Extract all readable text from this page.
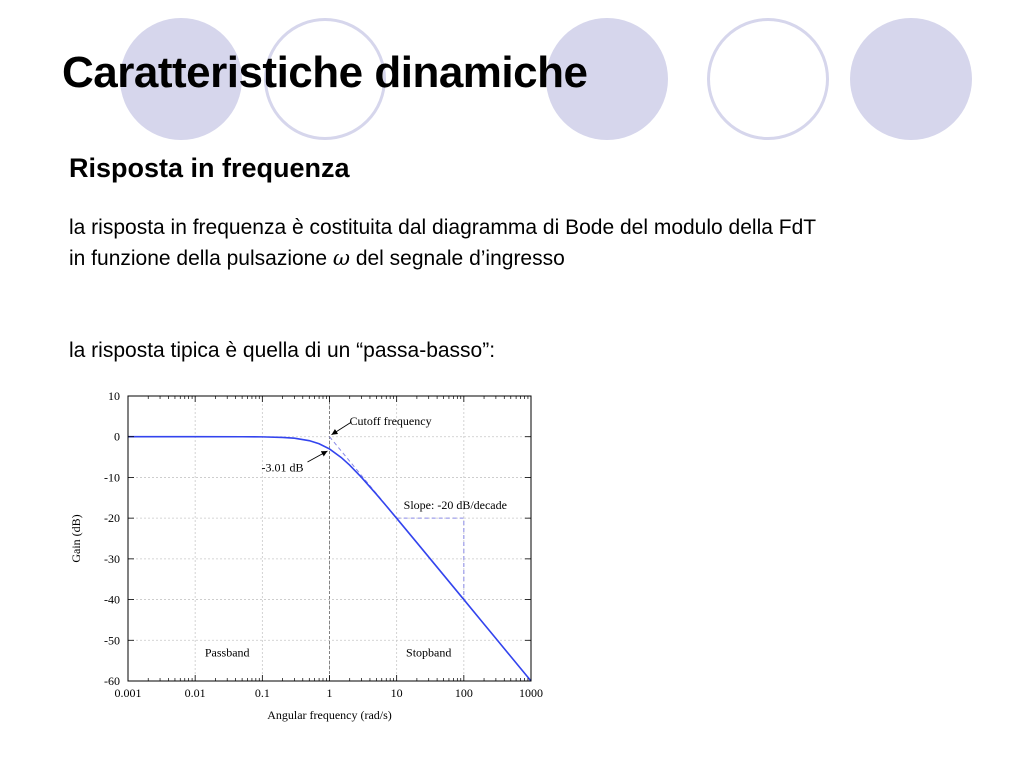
Caratteristiche dinamiche
Risposta in frequenza
la risposta in frequenza è costituita dal diagramma di Bode del modulo della FdT
in funzione della pulsazione ω del segnale d’ingresso
la risposta tipica è quella di un “passa-basso”:
0.001	0.01	0.1	1	10	100	1000
10
0
-10
-20
-30
-40
-50
-60
Angular frequency (rad/s)
Gain (dB)
Cutoff frequency
-3.01 dB
Slope: -20 dB/decade
Passband	Stopband
